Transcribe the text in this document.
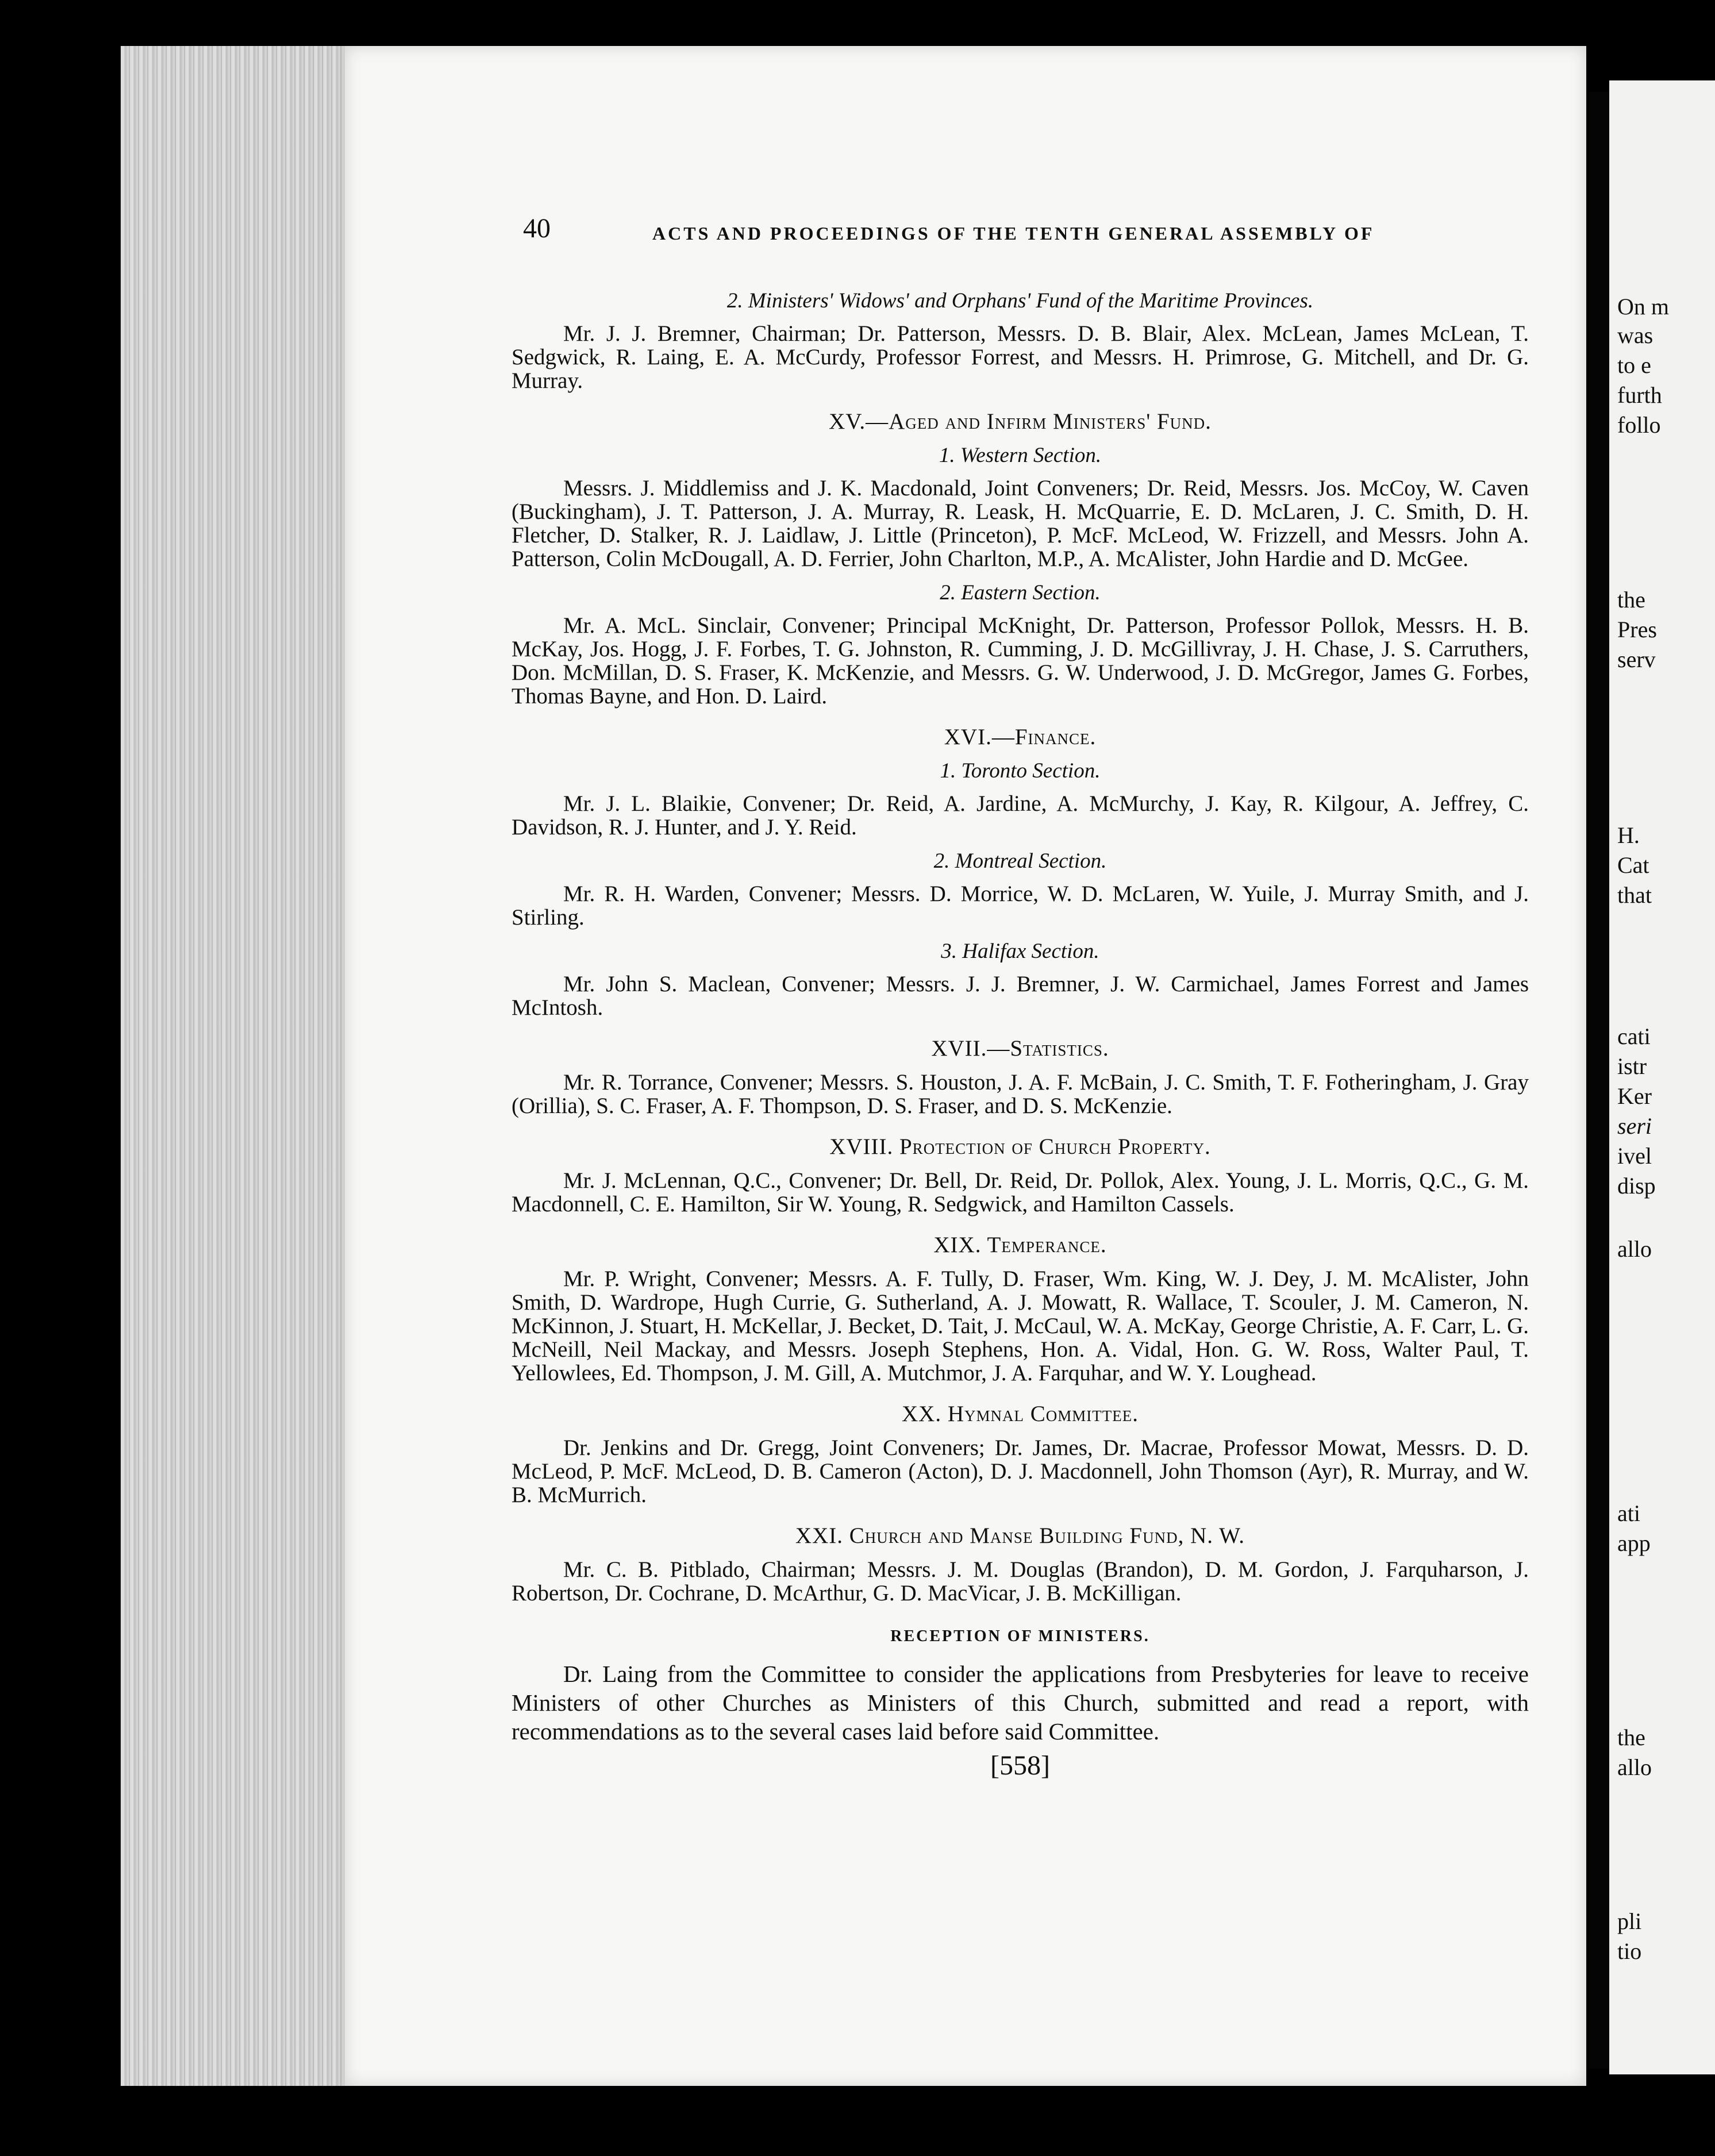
On m
was
to e
furth
follo
the
Pres
serv
H.
Cat
that
cati
istr
Ker
seri
ivel
disp
allo
ati
app
the
allo
pli
tio
40	ACTS AND PROCEEDINGS OF THE TENTH GENERAL ASSEMBLY OF
2. Ministers' Widows' and Orphans' Fund of the Maritime Provinces.

Mr. J. J. Bremner, Chairman; Dr. Patterson, Messrs. D. B. Blair, Alex. McLean, James McLean, T. Sedgwick, R. Laing, E. A. McCurdy, Professor Forrest, and Messrs. H. Primrose, G. Mitchell, and Dr. G. Murray.

XV.—Aged and Infirm Ministers' Fund.
1. Western Section.

Messrs. J. Middlemiss and J. K. Macdonald, Joint Conveners; Dr. Reid, Messrs. Jos. McCoy, W. Caven (Buckingham), J. T. Patterson, J. A. Murray, R. Leask, H. McQuarrie, E. D. McLaren, J. C. Smith, D. H. Fletcher, D. Stalker, R. J. Laidlaw, J. Little (Princeton), P. McF. McLeod, W. Frizzell, and Messrs. John A. Patterson, Colin McDougall, A. D. Ferrier, John Charlton, M.P., A. McAlister, John Hardie and D. McGee.

2. Eastern Section.

Mr. A. McL. Sinclair, Convener; Principal McKnight, Dr. Patterson, Professor Pollok, Messrs. H. B. McKay, Jos. Hogg, J. F. Forbes, T. G. Johnston, R. Cumming, J. D. McGillivray, J. H. Chase, J. S. Carruthers, Don. McMillan, D. S. Fraser, K. McKenzie, and Messrs. G. W. Underwood, J. D. McGregor, James G. Forbes, Thomas Bayne, and Hon. D. Laird.

XVI.—Finance.
1. Toronto Section.

Mr. J. L. Blaikie, Convener; Dr. Reid, A. Jardine, A. McMurchy, J. Kay, R. Kilgour, A. Jeffrey, C. Davidson, R. J. Hunter, and J. Y. Reid.

2. Montreal Section.

Mr. R. H. Warden, Convener; Messrs. D. Morrice, W. D. McLaren, W. Yuile, J. Murray Smith, and J. Stirling.

3. Halifax Section.

Mr. John S. Maclean, Convener; Messrs. J. J. Bremner, J. W. Carmichael, James Forrest and James McIntosh.

XVII.—Statistics.

Mr. R. Torrance, Convener; Messrs. S. Houston, J. A. F. McBain, J. C. Smith, T. F. Fotheringham, J. Gray (Orillia), S. C. Fraser, A. F. Thompson, D. S. Fraser, and D. S. McKenzie.

XVIII. Protection of Church Property.

Mr. J. McLennan, Q.C., Convener; Dr. Bell, Dr. Reid, Dr. Pollok, Alex. Young, J. L. Morris, Q.C., G. M. Macdonnell, C. E. Hamilton, Sir W. Young, R. Sedgwick, and Hamilton Cassels.

XIX. Temperance.

Mr. P. Wright, Convener; Messrs. A. F. Tully, D. Fraser, Wm. King, W. J. Dey, J. M. McAlister, John Smith, D. Wardrope, Hugh Currie, G. Sutherland, A. J. Mowatt, R. Wallace, T. Scouler, J. M. Cameron, N. McKinnon, J. Stuart, H. McKellar, J. Becket, D. Tait, J. McCaul, W. A. McKay, George Christie, A. F. Carr, L. G. McNeill, Neil Mackay, and Messrs. Joseph Stephens, Hon. A. Vidal, Hon. G. W. Ross, Walter Paul, T. Yellowlees, Ed. Thompson, J. M. Gill, A. Mutchmor, J. A. Farquhar, and W. Y. Loughead.

XX. Hymnal Committee.

Dr. Jenkins and Dr. Gregg, Joint Conveners; Dr. James, Dr. Macrae, Professor Mowat, Messrs. D. D. McLeod, P. McF. McLeod, D. B. Cameron (Acton), D. J. Macdonnell, John Thomson (Ayr), R. Murray, and W. B. McMurrich.

XXI. Church and Manse Building Fund, N. W.

Mr. C. B. Pitblado, Chairman; Messrs. J. M. Douglas (Brandon), D. M. Gordon, J. Farquharson, J. Robertson, Dr. Cochrane, D. McArthur, G. D. MacVicar, J. B. McKilligan.

RECEPTION OF MINISTERS.

Dr. Laing from the Committee to consider the applications from Presbyteries for leave to receive Ministers of other Churches as Ministers of this Church, submitted and read a report, with recommendations as to the several cases laid before said Committee.

[558]
